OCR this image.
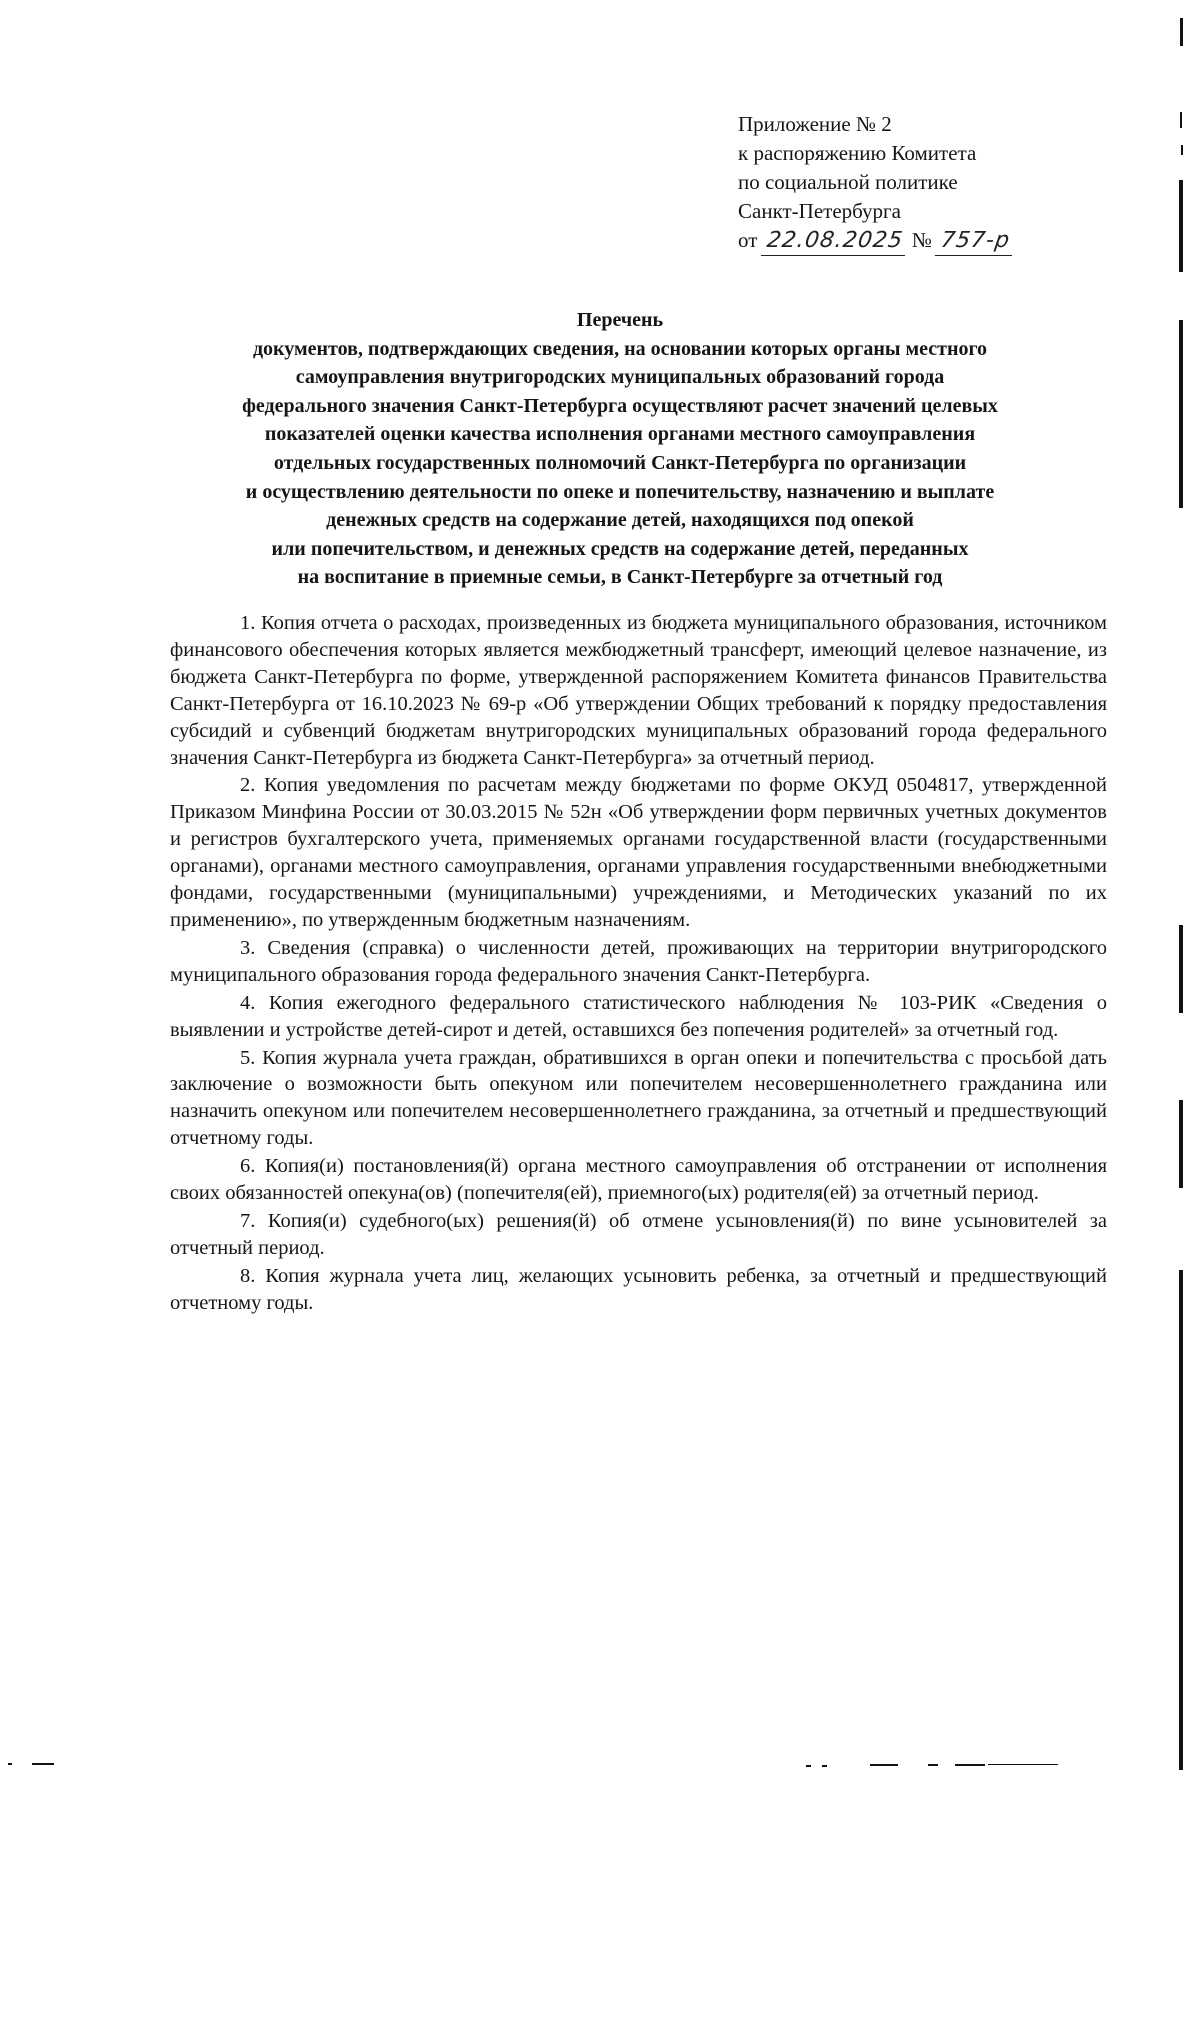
Приложение № 2
к распоряжению Комитета
по социальной политике
Санкт-Петербурга
от 22.08.2025 № 757-р
Перечень
документов, подтверждающих сведения, на основании которых органы местного
самоуправления внутригородских муниципальных образований города
федерального значения Санкт-Петербурга осуществляют расчет значений целевых
показателей оценки качества исполнения органами местного самоуправления
отдельных государственных полномочий Санкт-Петербурга по организации
и осуществлению деятельности по опеке и попечительству, назначению и выплате
денежных средств на содержание детей, находящихся под опекой
или попечительством, и денежных средств на содержание детей, переданных
на воспитание в приемные семьи, в Санкт-Петербурге за отчетный год

1. Копия отчета о расходах, произведенных из бюджета муниципального образования, источником финансового обеспечения которых является межбюджетный трансферт, имеющий целевое назначение, из бюджета Санкт-Петербурга по форме, утвержденной распоряжением Комитета финансов Правительства Санкт-Петербурга от 16.10.2023 № 69-р «Об утверждении Общих требований к порядку предоставления субсидий и субвенций бюджетам внутригородских муниципальных образований города федерального значения Санкт-Петербурга из бюджета Санкт-Петербурга» за отчетный период.

2. Копия уведомления по расчетам между бюджетами по форме ОКУД 0504817, утвержденной Приказом Минфина России от 30.03.2015 № 52н «Об утверждении форм первичных учетных документов и регистров бухгалтерского учета, применяемых органами государственной власти (государственными органами), органами местного самоуправления, органами управления государственными внебюджетными фондами, государственными (муниципальными) учреждениями, и Методических указаний по их применению», по утвержденным бюджетным назначениям.

3. Сведения (справка) о численности детей, проживающих на территории внутригородского муниципального образования города федерального значения Санкт-Петербурга.

4. Копия ежегодного федерального статистического наблюдения № 103-РИК «Сведения о выявлении и устройстве детей-сирот и детей, оставшихся без попечения родителей» за отчетный год.

5. Копия журнала учета граждан, обратившихся в орган опеки и попечительства с просьбой дать заключение о возможности быть опекуном или попечителем несовершеннолетнего гражданина или назначить опекуном или попечителем несовершеннолетнего гражданина, за отчетный и предшествующий отчетному годы.

6. Копия(и) постановления(й) органа местного самоуправления об отстранении от исполнения своих обязанностей опекуна(ов) (попечителя(ей), приемного(ых) родителя(ей) за отчетный период.

7. Копия(и) судебного(ых) решения(й) об отмене усыновления(й) по вине усыновителей за отчетный период.

8. Копия журнала учета лиц, желающих усыновить ребенка, за отчетный и предшествующий отчетному годы.
